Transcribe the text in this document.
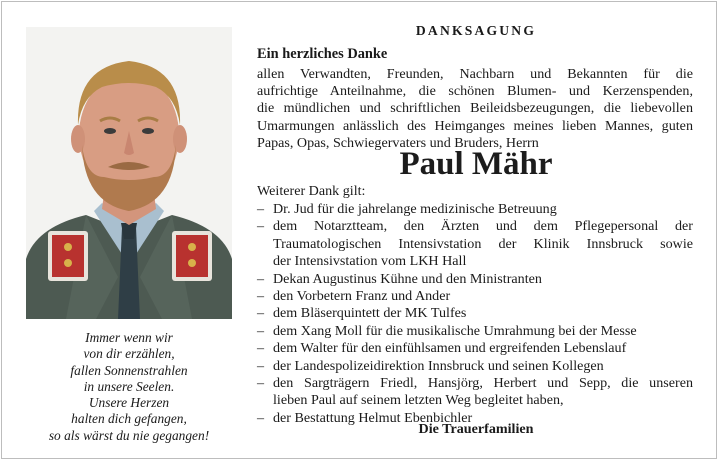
Immer wenn wir
von dir erzählen,
fallen Sonnenstrahlen
in unsere Seelen.
Unsere Herzen
halten dich gefangen,
so als wärst du nie gegangen!
DANKSAGUNG
Ein herzliches Danke
allen Verwandten, Freunden, Nachbarn und Bekannten für die
aufrichtige Anteilnahme, die schönen Blumen- und Kerzenspenden,
die mündlichen und schriftlichen Beileidsbezeugungen, die liebevollen
Umarmungen anlässlich des Heimganges meines lieben Mannes, guten
Papas, Opas, Schwiegervaters und Bruders, Herrn
Paul Mähr
Weiterer Dank gilt:
– Dr. Jud für die jahrelange medizinische Betreuung
– dem Notarztteam, den Ärzten und dem Pflegepersonal der
Traumatologischen Intensivstation der Klinik Innsbruck sowie
der Intensivstation vom LKH Hall
– Dekan Augustinus Kühne und den Ministranten
– den Vorbetern Franz und Ander
– dem Bläserquintett der MK Tulfes
– dem Xang Moll für die musikalische Umrahmung bei der Messe
– dem Walter für den einfühlsamen und ergreifenden Lebenslauf
– der Landespolizeidirektion Innsbruck und seinen Kollegen
– den Sargträgern Friedl, Hansjörg, Herbert und Sepp, die unseren
lieben Paul auf seinem letzten Weg begleitet haben,
– der Bestattung Helmut Ebenbichler
Die Trauerfamilien
